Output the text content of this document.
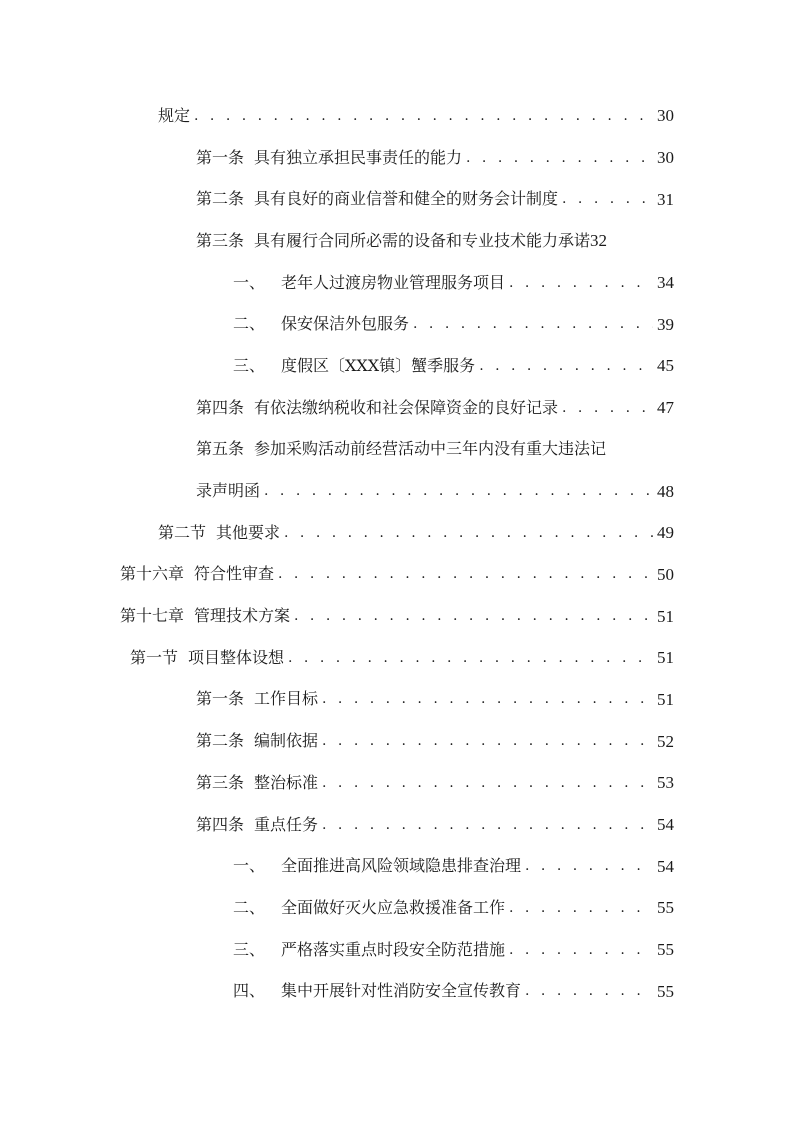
规定 . . .	30
第一条 具有独立承担民事责任的能力 . . .	30
第二条 具有良好的商业信誉和健全的财务会计制度 . . .	31
第三条 具有履行合同所必需的设备和专业技术能力承诺 32
一、 老年人过渡房物业管理服务项目 . . .	34
二、 保安保洁外包服务 . . .	39
三、 度假区〔XXX镇〕蟹季服务 . . .	45
第四条 有依法缴纳税收和社会保障资金的良好记录 . . .	47
第五条 参加采购活动前经营活动中三年内没有重大违法记
录声明函 . . .	48
第二节 其他要求 . . .	49
第十六章 符合性审查 . . .	50
第十七章 管理技术方案 . . .	51
第一节 项目整体设想 . . .	51
第一条 工作目标 . . .	51
第二条 编制依据 . . .	52
第三条 整治标准 . . .	53
第四条 重点任务 . . .	54
一、 全面推进高风险领域隐患排查治理 . . .	54
二、 全面做好灭火应急救援准备工作 . . .	55
三、 严格落实重点时段安全防范措施 . . .	55
四、 集中开展针对性消防安全宣传教育 . . .	55
